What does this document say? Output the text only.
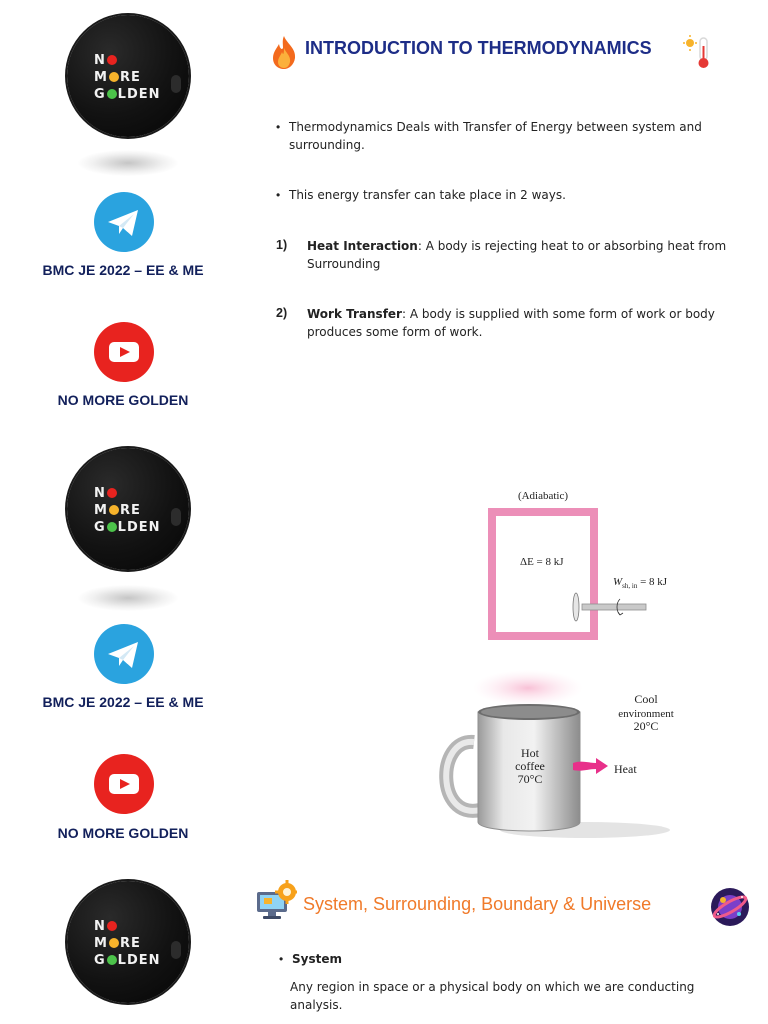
N
M RE
G LDEN
BMC JE 2022 – EE & ME
NO MORE GOLDEN
N
M RE
G LDEN
BMC JE 2022 – EE & ME
NO MORE GOLDEN
N
M RE
G LDEN
INTRODUCTION TO THERMODYNAMICS
• Thermodynamics Deals with Transfer of Energy between system and
surrounding.
• This energy transfer can take place in 2 ways.
1) Heat Interaction: A body is rejecting heat to or absorbing heat from
Surrounding
2) Work Transfer: A body is supplied with some form of work or body
produces some form of work.
(Adiabatic)
ΔE = 8 kJ
$W_{sh, in} = 8$ kJ
Hot
coffee
70°C
Heat
Cool
environment
20°C
System, Surrounding, Boundary & Universe
• System
Any region in space or a physical body on which we are conducting analysis.
